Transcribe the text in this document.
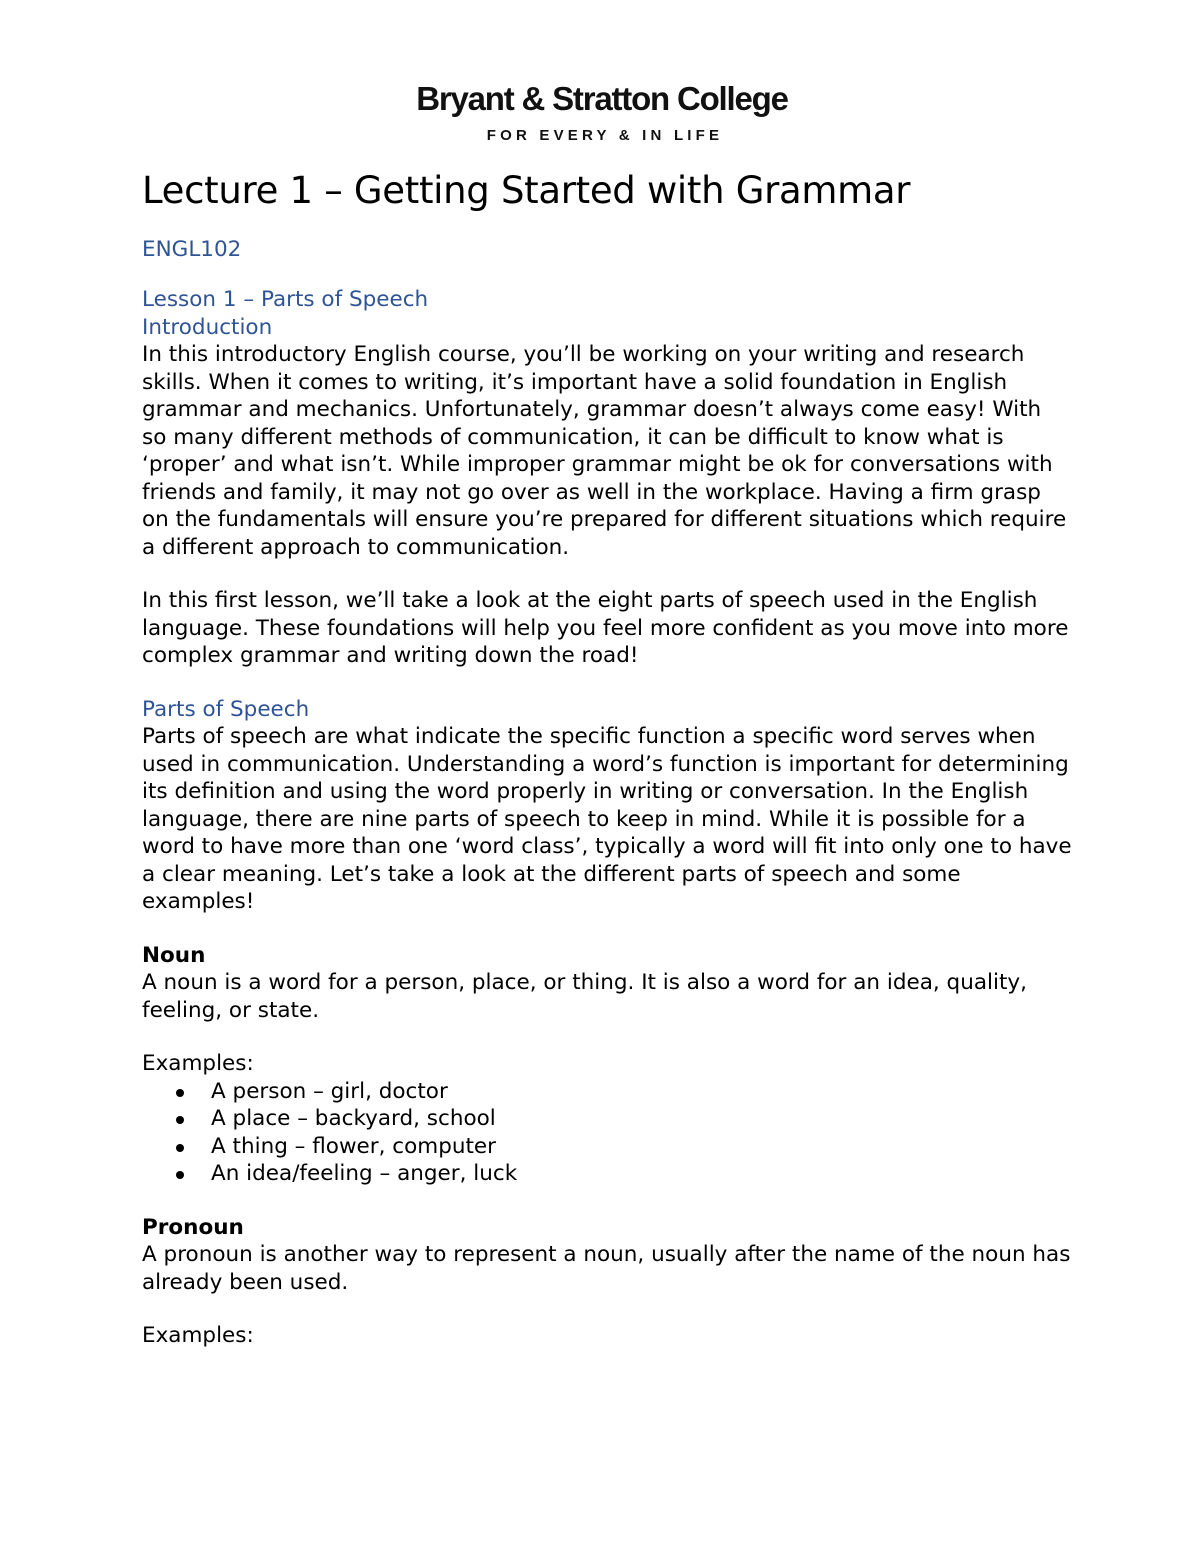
Bryant & Stratton College
FOR EVERY & IN LIFE
Lecture 1 – Getting Started with Grammar
ENGL102
Lesson 1 – Parts of Speech
Introduction

In this introductory English course, you’ll be working on your writing and research skills. When it comes to writing, it’s important have a solid foundation in English grammar and mechanics. Unfortunately, grammar doesn’t always come easy! With so many different methods of communication, it can be difficult to know what is ‘proper’ and what isn’t. While improper grammar might be ok for conversations with friends and family, it may not go over as well in the workplace. Having a firm grasp on the fundamentals will ensure you’re prepared for different situations which require a different approach to communication.

In this first lesson, we’ll take a look at the eight parts of speech used in the English language. These foundations will help you feel more confident as you move into more complex grammar and writing down the road!

Parts of Speech

Parts of speech are what indicate the specific function a specific word serves when used in communication. Understanding a word’s function is important for determining its definition and using the word properly in writing or conversation. In the English language, there are nine parts of speech to keep in mind. While it is possible for a word to have more than one ‘word class’, typically a word will fit into only one to have a clear meaning. Let’s take a look at the different parts of speech and some examples!

Noun

A noun is a word for a person, place, or thing. It is also a word for an idea, quality, feeling, or state.

Examples:
A person – girl, doctor
A place – backyard, school
A thing – flower, computer
An idea/feeling – anger, luck
Pronoun

A pronoun is another way to represent a noun, usually after the name of the noun has already been used.

Examples:
